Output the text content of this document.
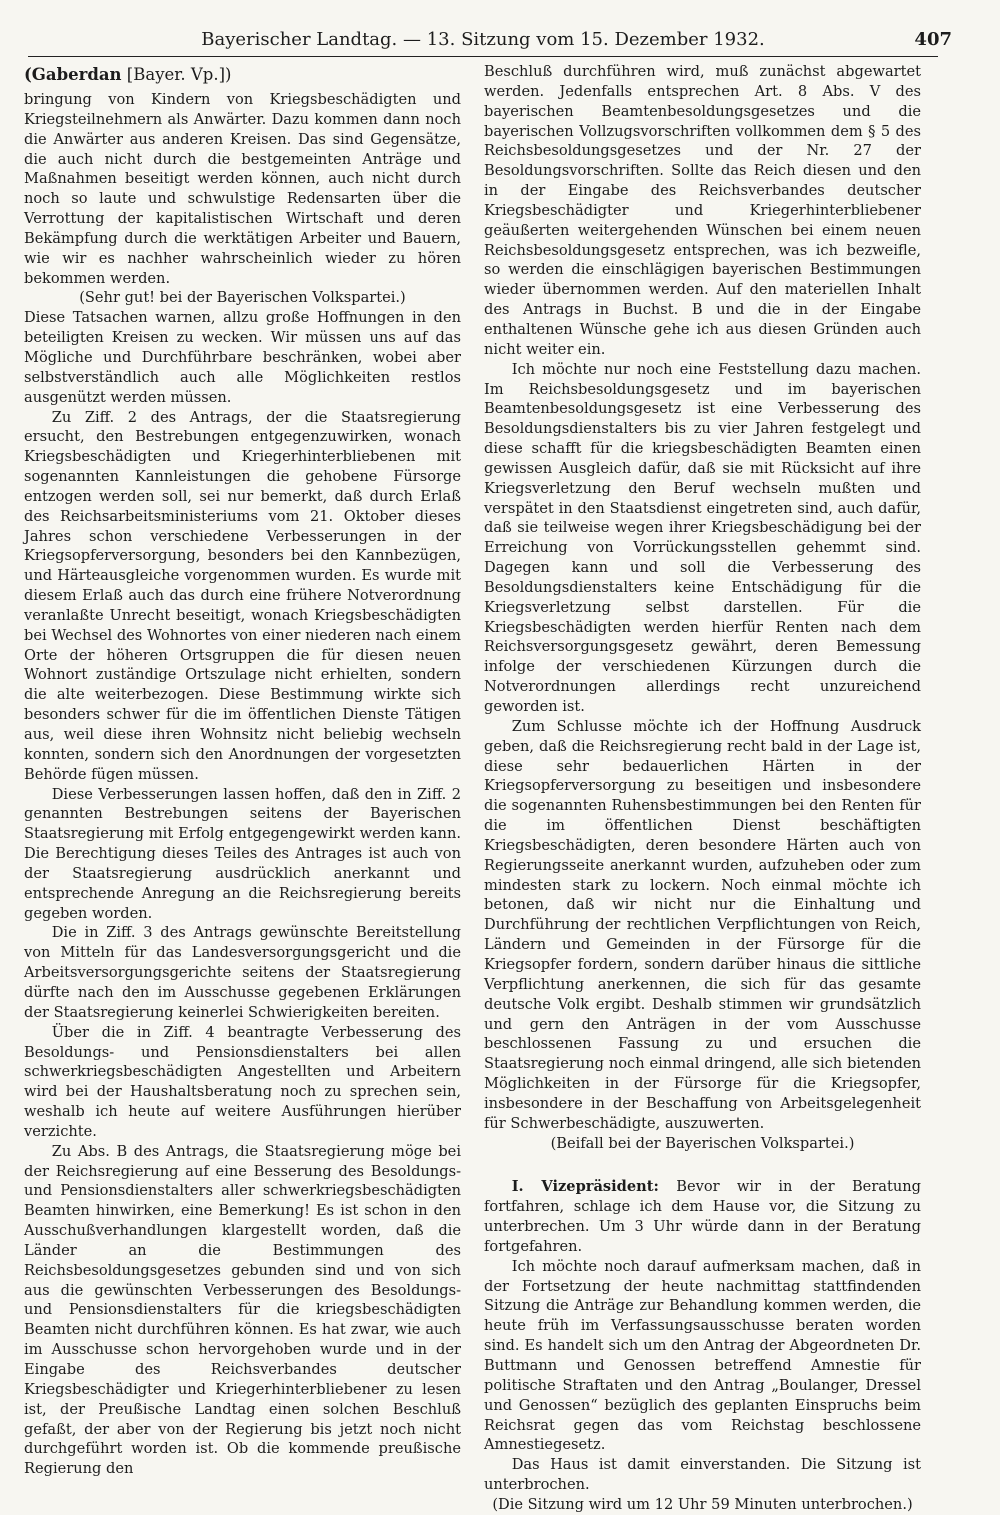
Bayerischer Landtag. — 13. Sitzung vom 15. Dezember 1932.	407
(Gaberdan [Bayer. Vp.])

bringung von Kindern von Kriegsbeschädigten und Kriegsteilnehmern als Anwärter. Dazu kommen dann noch die Anwärter aus anderen Kreisen. Das sind Gegensätze, die auch nicht durch die bestgemeinten Anträge und Maßnahmen beseitigt werden können, auch nicht durch noch so laute und schwulstige Redensarten über die Verrottung der kapitalistischen Wirtschaft und deren Bekämpfung durch die werktätigen Arbeiter und Bauern, wie wir es nachher wahrscheinlich wieder zu hören bekommen werden.

(Sehr gut! bei der Bayerischen Volkspartei.)

Diese Tatsachen warnen, allzu große Hoffnungen in den beteiligten Kreisen zu wecken. Wir müssen uns auf das Mögliche und Durchführbare beschränken, wobei aber selbstverständlich auch alle Möglichkeiten restlos ausgenützt werden müssen.

Zu Ziff. 2 des Antrags, der die Staatsregierung ersucht, den Bestrebungen entgegenzuwirken, wonach Kriegsbeschädigten und Kriegerhinterbliebenen mit sogenannten Kannleistungen die gehobene Fürsorge entzogen werden soll, sei nur bemerkt, daß durch Erlaß des Reichsarbeitsministeriums vom 21. Oktober dieses Jahres schon verschiedene Verbesserungen in der Kriegsopferversorgung, besonders bei den Kannbezügen, und Härteausgleiche vorgenommen wurden. Es wurde mit diesem Erlaß auch das durch eine frühere Notverordnung veranlaßte Unrecht beseitigt, wonach Kriegsbeschädigten bei Wechsel des Wohnortes von einer niederen nach einem Orte der höheren Ortsgruppen die für diesen neuen Wohnort zuständige Ortszulage nicht erhielten, sondern die alte weiterbezogen. Diese Bestimmung wirkte sich besonders schwer für die im öffentlichen Dienste Tätigen aus, weil diese ihren Wohnsitz nicht beliebig wechseln konnten, sondern sich den Anordnungen der vorgesetzten Behörde fügen müssen.

Diese Verbesserungen lassen hoffen, daß den in Ziff. 2 genannten Bestrebungen seitens der Bayerischen Staatsregierung mit Erfolg entgegengewirkt werden kann. Die Berechtigung dieses Teiles des Antrages ist auch von der Staatsregierung ausdrücklich anerkannt und entsprechende Anregung an die Reichsregierung bereits gegeben worden.

Die in Ziff. 3 des Antrags gewünschte Bereitstellung von Mitteln für das Landesversorgungsgericht und die Arbeitsversorgungsgerichte seitens der Staatsregierung dürfte nach den im Ausschusse gegebenen Erklärungen der Staatsregierung keinerlei Schwierigkeiten bereiten.

Über die in Ziff. 4 beantragte Verbesserung des Besoldungs- und Pensionsdienstalters bei allen schwerkriegsbeschädigten Angestellten und Arbeitern wird bei der Haushaltsberatung noch zu sprechen sein, weshalb ich heute auf weitere Ausführungen hierüber verzichte.

Zu Abs. B des Antrags, die Staatsregierung möge bei der Reichsregierung auf eine Besserung des Besoldungs- und Pensionsdienstalters aller schwerkriegsbeschädigten Beamten hinwirken, eine Bemerkung! Es ist schon in den Ausschußverhandlungen klargestellt worden, daß die Länder an die Bestimmungen des Reichsbesoldungsgesetzes gebunden sind und von sich aus die gewünschten Verbesserungen des Besoldungs- und Pensionsdienstalters für die kriegsbeschädigten Beamten nicht durchführen können. Es hat zwar, wie auch im Ausschusse schon hervorgehoben wurde und in der Eingabe des Reichsverbandes deutscher Kriegsbeschädigter und Kriegerhinterbliebener zu lesen ist, der Preußische Landtag einen solchen Beschluß gefaßt, der aber von der Regierung bis jetzt noch nicht durchgeführt worden ist. Ob die kommende preußische Regierung den

Beschluß durchführen wird, muß zunächst abgewartet werden. Jedenfalls entsprechen Art. 8 Abs. V des bayerischen Beamtenbesoldungsgesetzes und die bayerischen Vollzugsvorschriften vollkommen dem § 5 des Reichsbesoldungsgesetzes und der Nr. 27 der Besoldungsvorschriften. Sollte das Reich diesen und den in der Eingabe des Reichsverbandes deutscher Kriegsbeschädigter und Kriegerhinterbliebener geäußerten weitergehenden Wünschen bei einem neuen Reichsbesoldungsgesetz entsprechen, was ich bezweifle, so werden die einschlägigen bayerischen Bestimmungen wieder übernommen werden. Auf den materiellen Inhalt des Antrags in Buchst. B und die in der Eingabe enthaltenen Wünsche gehe ich aus diesen Gründen auch nicht weiter ein.

Ich möchte nur noch eine Feststellung dazu machen. Im Reichsbesoldungsgesetz und im bayerischen Beamtenbesoldungsgesetz ist eine Verbesserung des Besoldungsdienstalters bis zu vier Jahren festgelegt und diese schafft für die kriegsbeschädigten Beamten einen gewissen Ausgleich dafür, daß sie mit Rücksicht auf ihre Kriegsverletzung den Beruf wechseln mußten und verspätet in den Staatsdienst eingetreten sind, auch dafür, daß sie teilweise wegen ihrer Kriegsbeschädigung bei der Erreichung von Vorrückungsstellen gehemmt sind. Dagegen kann und soll die Verbesserung des Besoldungsdienstalters keine Entschädigung für die Kriegsverletzung selbst darstellen. Für die Kriegsbeschädigten werden hierfür Renten nach dem Reichsversorgungsgesetz gewährt, deren Bemessung infolge der verschiedenen Kürzungen durch die Notverordnungen allerdings recht unzureichend geworden ist.

Zum Schlusse möchte ich der Hoffnung Ausdruck geben, daß die Reichsregierung recht bald in der Lage ist, diese sehr bedauerlichen Härten in der Kriegsopferversorgung zu beseitigen und insbesondere die sogenannten Ruhensbestimmungen bei den Renten für die im öffentlichen Dienst beschäftigten Kriegsbeschädigten, deren besondere Härten auch von Regierungsseite anerkannt wurden, aufzuheben oder zum mindesten stark zu lockern. Noch einmal möchte ich betonen, daß wir nicht nur die Einhaltung und Durchführung der rechtlichen Verpflichtungen von Reich, Ländern und Gemeinden in der Fürsorge für die Kriegsopfer fordern, sondern darüber hinaus die sittliche Verpflichtung anerkennen, die sich für das gesamte deutsche Volk ergibt. Deshalb stimmen wir grundsätzlich und gern den Anträgen in der vom Ausschusse beschlossenen Fassung zu und ersuchen die Staatsregierung noch einmal dringend, alle sich bietenden Möglichkeiten in der Fürsorge für die Kriegsopfer, insbesondere in der Beschaffung von Arbeitsgelegenheit für Schwerbeschädigte, auszuwerten.

(Beifall bei der Bayerischen Volkspartei.)

I. Vizepräsident: Bevor wir in der Beratung fortfahren, schlage ich dem Hause vor, die Sitzung zu unterbrechen. Um 3 Uhr würde dann in der Beratung fortgefahren.

Ich möchte noch darauf aufmerksam machen, daß in der Fortsetzung der heute nachmittag stattfindenden Sitzung die Anträge zur Behandlung kommen werden, die heute früh im Verfassungsausschusse beraten worden sind. Es handelt sich um den Antrag der Abgeordneten Dr. Buttmann und Genossen betreffend Amnestie für politische Straftaten und den Antrag „Boulanger, Dressel und Genossen“ bezüglich des geplanten Einspruchs beim Reichsrat gegen das vom Reichstag beschlossene Amnestiegesetz.

Das Haus ist damit einverstanden. Die Sitzung ist unterbrochen.

(Die Sitzung wird um 12 Uhr 59 Minuten unterbrochen.)
